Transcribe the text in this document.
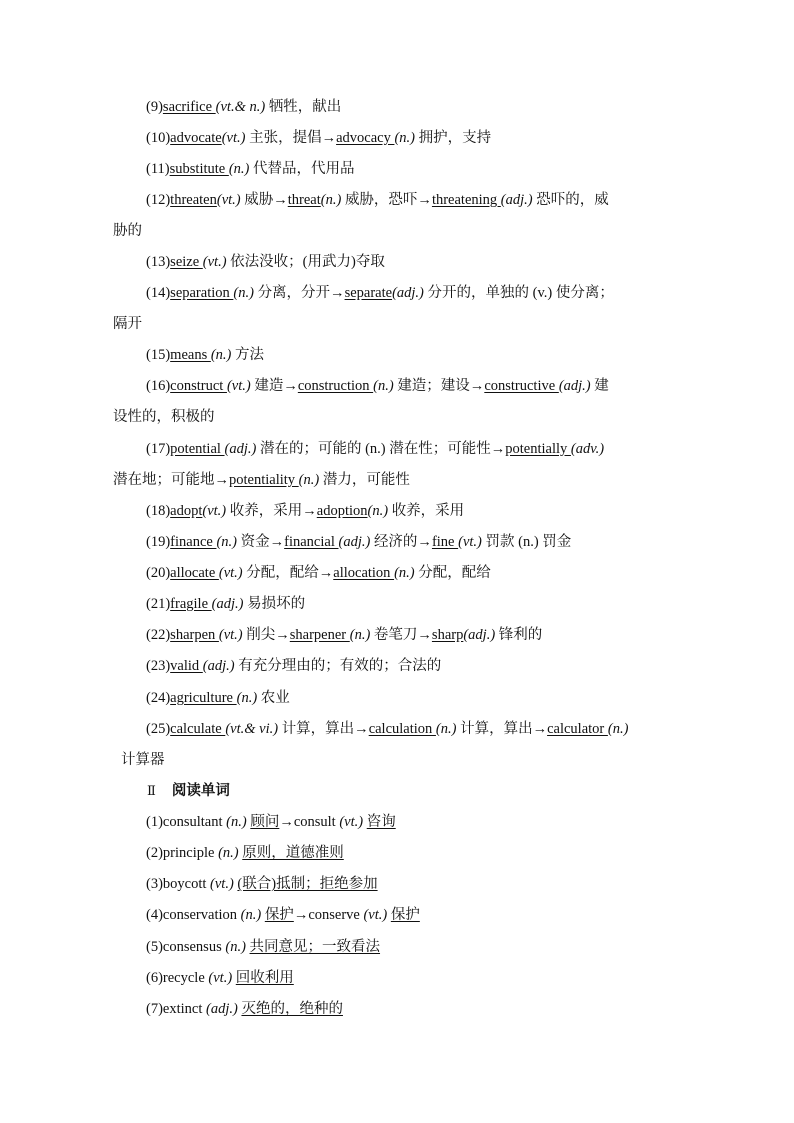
(9)sacrifice (vt.& n.) 牺牲，献出
(10)advocate(vt.) 主张，提倡→advocacy (n.) 拥护，支持
(11)substitute (n.) 代替品，代用品
(12)threaten(vt.) 威胁→threat(n.) 威胁，恐吓→threatening (adj.) 恐吓的，威
胁的
(13)seize (vt.) 依法没收；(用武力)夺取
(14)separation (n.) 分离，分开→separate(adj.) 分开的，单独的 (v.) 使分离；
隔开
(15)means (n.) 方法
(16)construct (vt.) 建造→construction (n.) 建造；建设→constructive (adj.) 建
设性的，积极的
(17)potential (adj.) 潜在的；可能的 (n.) 潜在性；可能性→potentially (adv.)
潜在地；可能地→potentiality (n.) 潜力，可能性
(18)adopt(vt.) 收养，采用→adoption(n.) 收养，采用
(19)finance (n.) 资金→financial (adj.) 经济的→fine (vt.) 罚款 (n.) 罚金
(20)allocate (vt.) 分配，配给→allocation (n.) 分配，配给
(21)fragile (adj.) 易损坏的
(22)sharpen (vt.) 削尖→sharpener (n.) 卷笔刀→sharp(adj.) 锋利的
(23)valid (adj.) 有充分理由的；有效的；合法的
(24)agriculture (n.) 农业
(25)calculate (vt.& vi.) 计算，算出→calculation (n.) 计算，算出→calculator (n.)
计算器
Ⅱ 阅读单词
(1)consultant (n.) 顾问→consult (vt.) 咨询
(2)principle (n.) 原则，道德准则
(3)boycott (vt.) (联合)抵制；拒绝参加
(4)conservation (n.) 保护→conserve (vt.) 保护
(5)consensus (n.) 共同意见；一致看法
(6)recycle (vt.) 回收利用
(7)extinct (adj.) 灭绝的，绝种的
